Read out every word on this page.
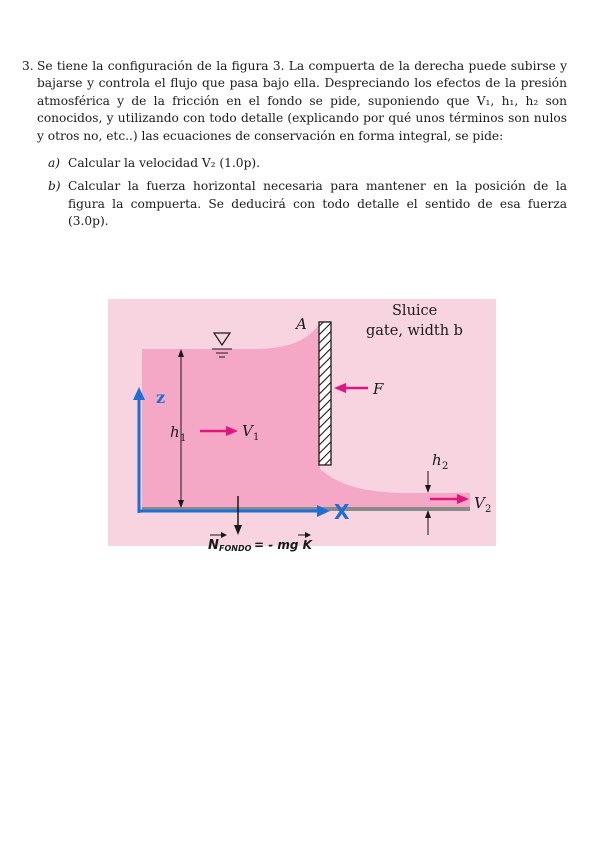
3. Se tiene la configuración de la figura 3. La compuerta de la derecha puede subirse y bajarse y controla el flujo que pasa bajo ella. Despreciando los efectos de la presión atmosférica y de la fricción en el fondo se pide, suponiendo que V₁, h₁, h₂ son conocidos, y utilizando con todo detalle (explicando por qué unos términos son nulos y otros no, etc..) las ecuaciones de conservación en forma integral, se pide:
a) Calcular la velocidad V₂ (1.0p).
b) Calcular la fuerza horizontal necesaria para mantener en la posición de la figura la compuerta. Se deducirá con todo detalle el sentido de esa fuerza (3.0p).
z
X
h 1	V 1
A
Sluice
gate, width b
F
h 2
V 2
N FONDO = - mg K
